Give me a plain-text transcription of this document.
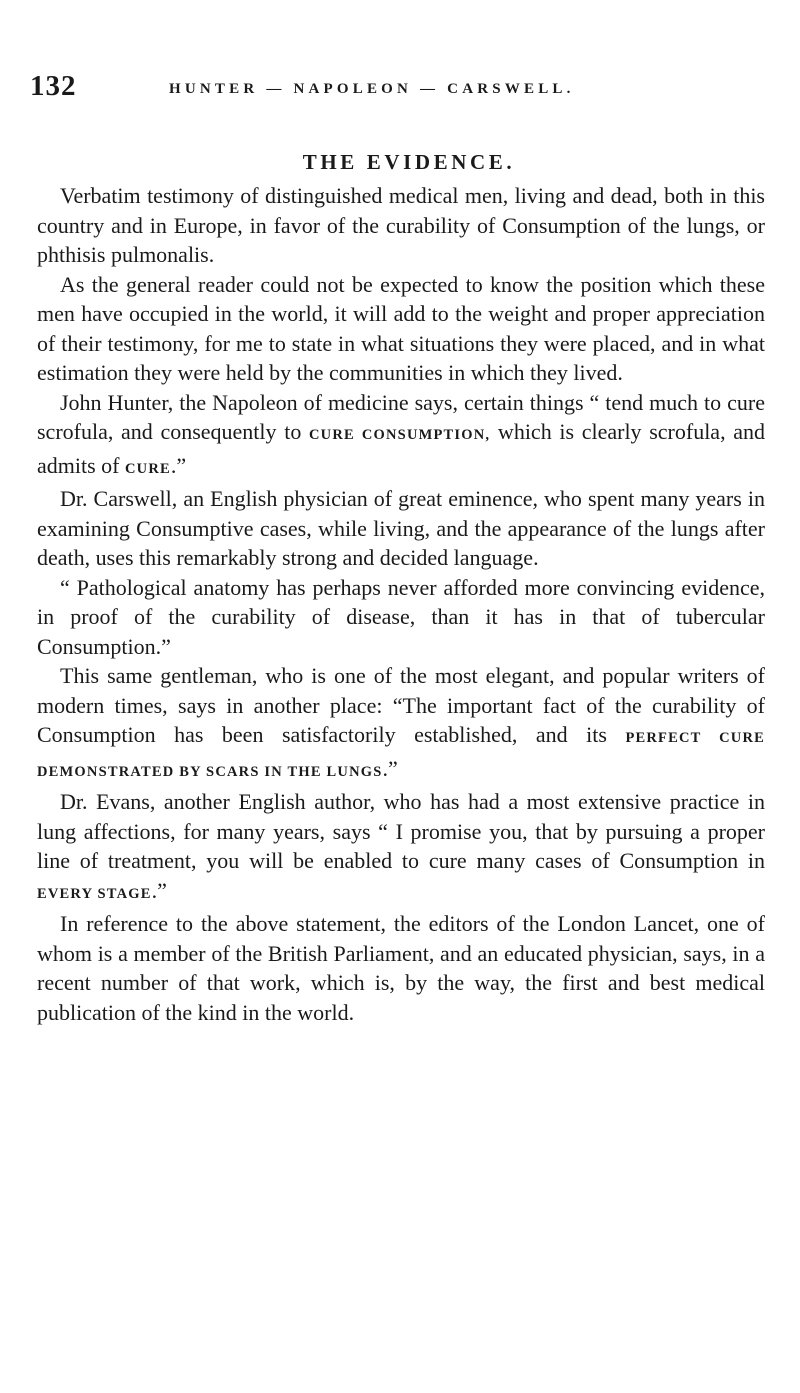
132	HUNTER — NAPOLEON — CARSWELL.
THE EVIDENCE.

Verbatim testimony of distinguished medical men, living and dead, both in this country and in Europe, in favor of the curability of Consumption of the lungs, or phthisis pulmonalis.

As the general reader could not be expected to know the position which these men have occupied in the world, it will add to the weight and proper appreciation of their testimony, for me to state in what situations they were placed, and in what estimation they were held by the communities in which they lived.

John Hunter, the Napoleon of medicine says, certain things “ tend much to cure scrofula, and consequently to CURE CONSUMPTION, which is clearly scrofula, and admits of CURE.”

Dr. Carswell, an English physician of great eminence, who spent many years in examining Consumptive cases, while living, and the appearance of the lungs after death, uses this remarkably strong and decided language.

“ Pathological anatomy has perhaps never afforded more convincing evidence, in proof of the curability of disease, than it has in that of tubercular Consumption.”

This same gentleman, who is one of the most elegant, and popular writers of modern times, says in another place: “The important fact of the curability of Consumption has been satisfactorily established, and its PERFECT CURE DEMONSTRATED BY SCARS IN THE LUNGS.”

Dr. Evans, another English author, who has had a most extensive practice in lung affections, for many years, says “ I promise you, that by pursuing a proper line of treatment, you will be enabled to cure many cases of Consumption in EVERY STAGE.”

In reference to the above statement, the editors of the London Lancet, one of whom is a member of the British Parliament, and an educated physician, says, in a recent number of that work, which is, by the way, the first and best medical publication of the kind in the world.
